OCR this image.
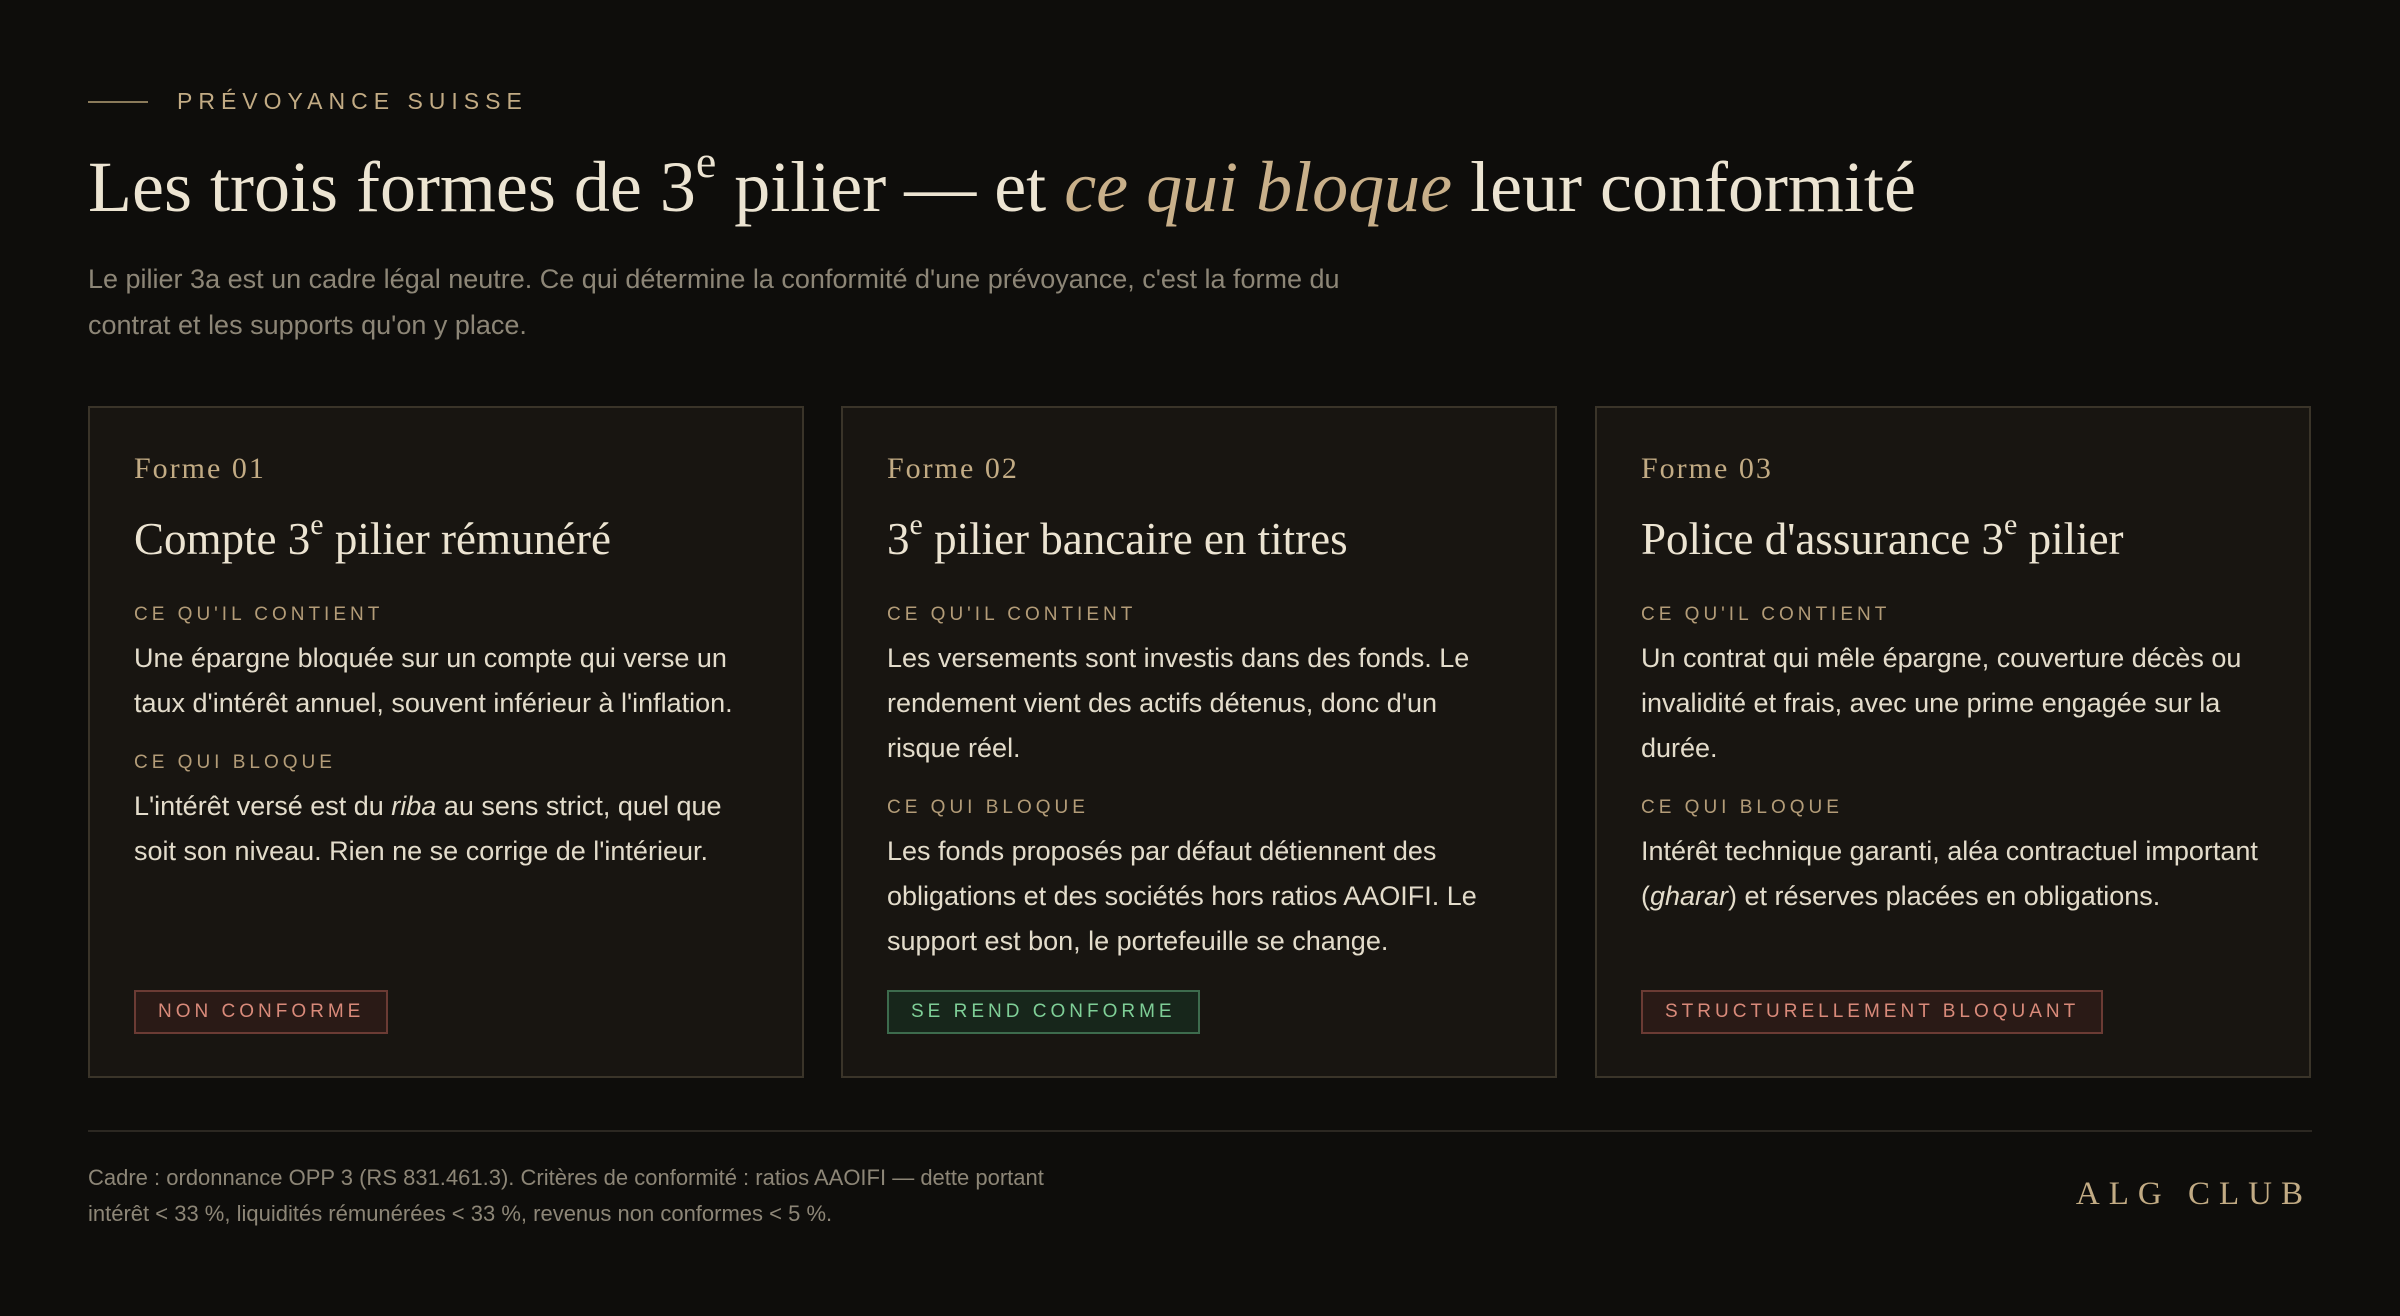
PRÉVOYANCE SUISSE
Les trois formes de 3e pilier — et ce qui bloque leur conformité

Le pilier 3a est un cadre légal neutre. Ce qui détermine la conformité d'une prévoyance, c'est la forme du contrat et les supports qu'on y place.

Forme 01

Compte 3e pilier rémunéré

CE QU'IL CONTIENT

Une épargne bloquée sur un compte qui verse un taux d'intérêt annuel, souvent inférieur à l'inflation.

CE QUI BLOQUE

L'intérêt versé est du riba au sens strict, quel que soit son niveau. Rien ne se corrige de l'intérieur.

NON CONFORME

Forme 02

3e pilier bancaire en titres

CE QU'IL CONTIENT

Les versements sont investis dans des fonds. Le rendement vient des actifs détenus, donc d'un risque réel.

CE QUI BLOQUE

Les fonds proposés par défaut détiennent des obligations et des sociétés hors ratios AAOIFI. Le support est bon, le portefeuille se change.

SE REND CONFORME

Forme 03

Police d'assurance 3e pilier

CE QU'IL CONTIENT

Un contrat qui mêle épargne, couverture décès ou invalidité et frais, avec une prime engagée sur la durée.

CE QUI BLOQUE

Intérêt technique garanti, aléa contractuel important (gharar) et réserves placées en obligations.

STRUCTURELLEMENT BLOQUANT

Cadre : ordonnance OPP 3 (RS 831.461.3). Critères de conformité : ratios AAOIFI — dette portant intérêt < 33 %, liquidités rémunérées < 33 %, revenus non conformes < 5 %.

ALG CLUB
